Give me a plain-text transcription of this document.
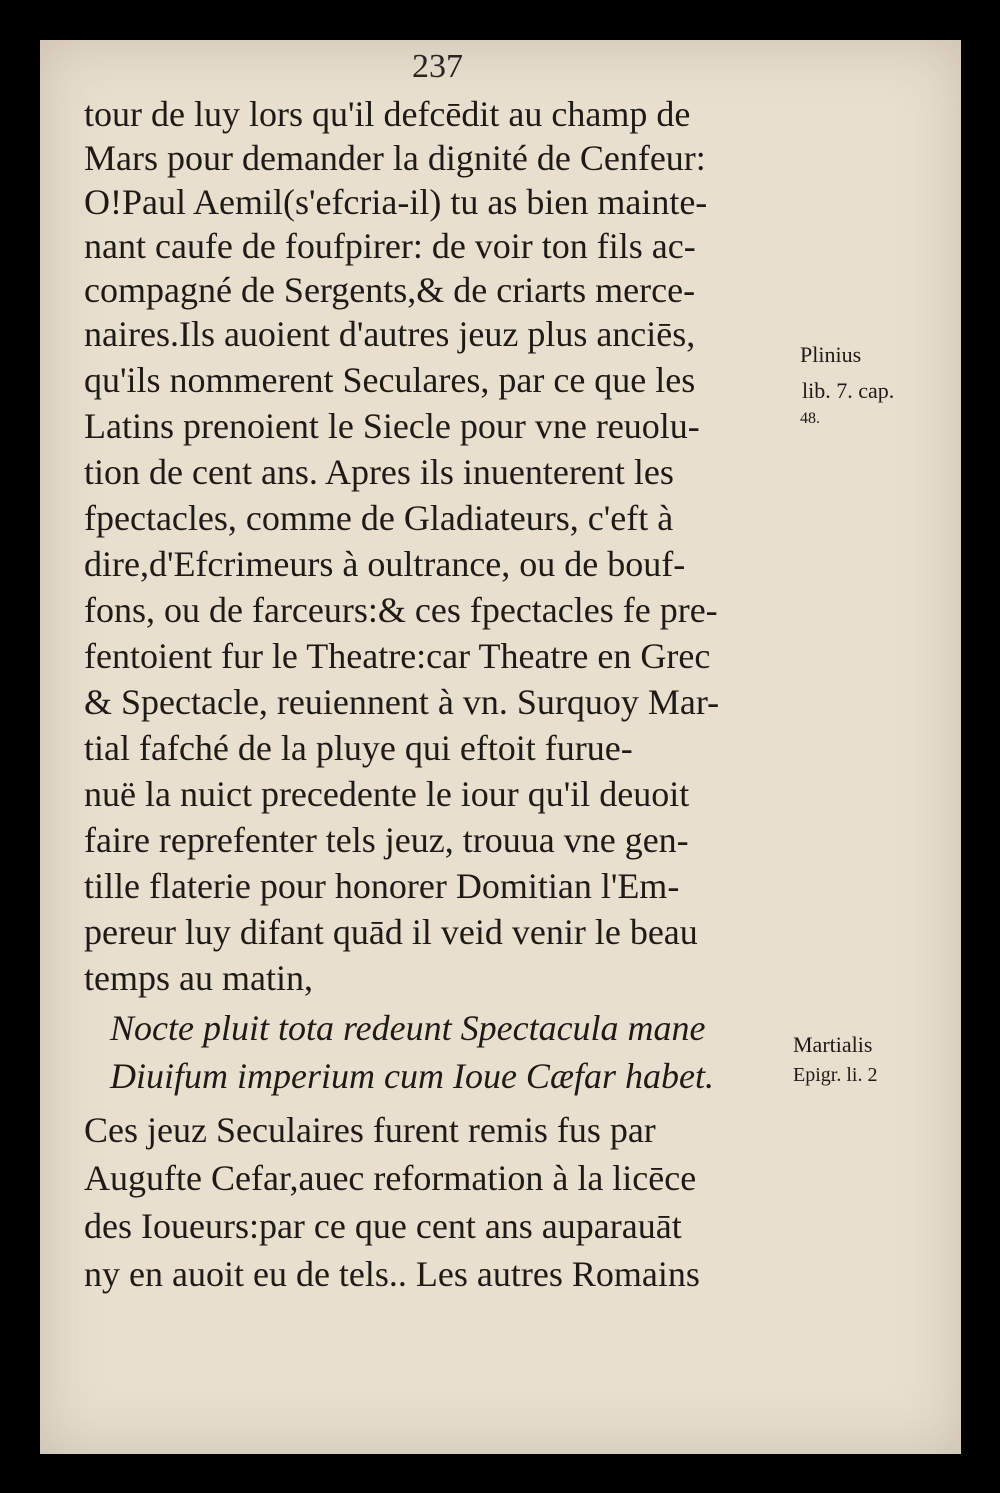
237
tour de luy lors qu'il defcēdit au champ de
Mars pour demander la dignité de Cenfeur:
O!Paul Aemil(s'efcria-il) tu as bien mainte-
nant caufe de foufpirer: de voir ton fils ac-
compagné de Sergents,& de criarts merce-
naires.Ils auoient d'autres jeuz plus anciēs,
qu'ils nommerent Seculares, par ce que les
Latins prenoient le Siecle pour vne reuolu-
tion de cent ans. Apres ils inuenterent les
fpectacles, comme de Gladiateurs, c'eft à
dire,d'Efcrimeurs à oultrance, ou de bouf-
fons, ou de farceurs:& ces fpectacles fe pre-
fentoient fur le Theatre:car Theatre en Grec
& Spectacle, reuiennent à vn. Surquoy Mar-
tial fafché de la pluye qui eftoit furue-
nuë la nuict precedente le iour qu'il deuoit
faire reprefenter tels jeuz, trouua vne gen-
tille flaterie pour honorer Domitian l'Em-
pereur luy difant quād il veid venir le beau
temps au matin,
Nocte pluit tota redeunt Spectacula mane
Diuifum imperium cum Ioue Cæfar habet.
Ces jeuz Seculaires furent remis fus par
Augufte Cefar,auec reformation à la licēce
des Ioueurs:par ce que cent ans auparauāt
ny en auoit eu de tels.. Les autres Romains
Plinius
lib. 7. cap.
48.
Martialis
Epigr. li. 2
